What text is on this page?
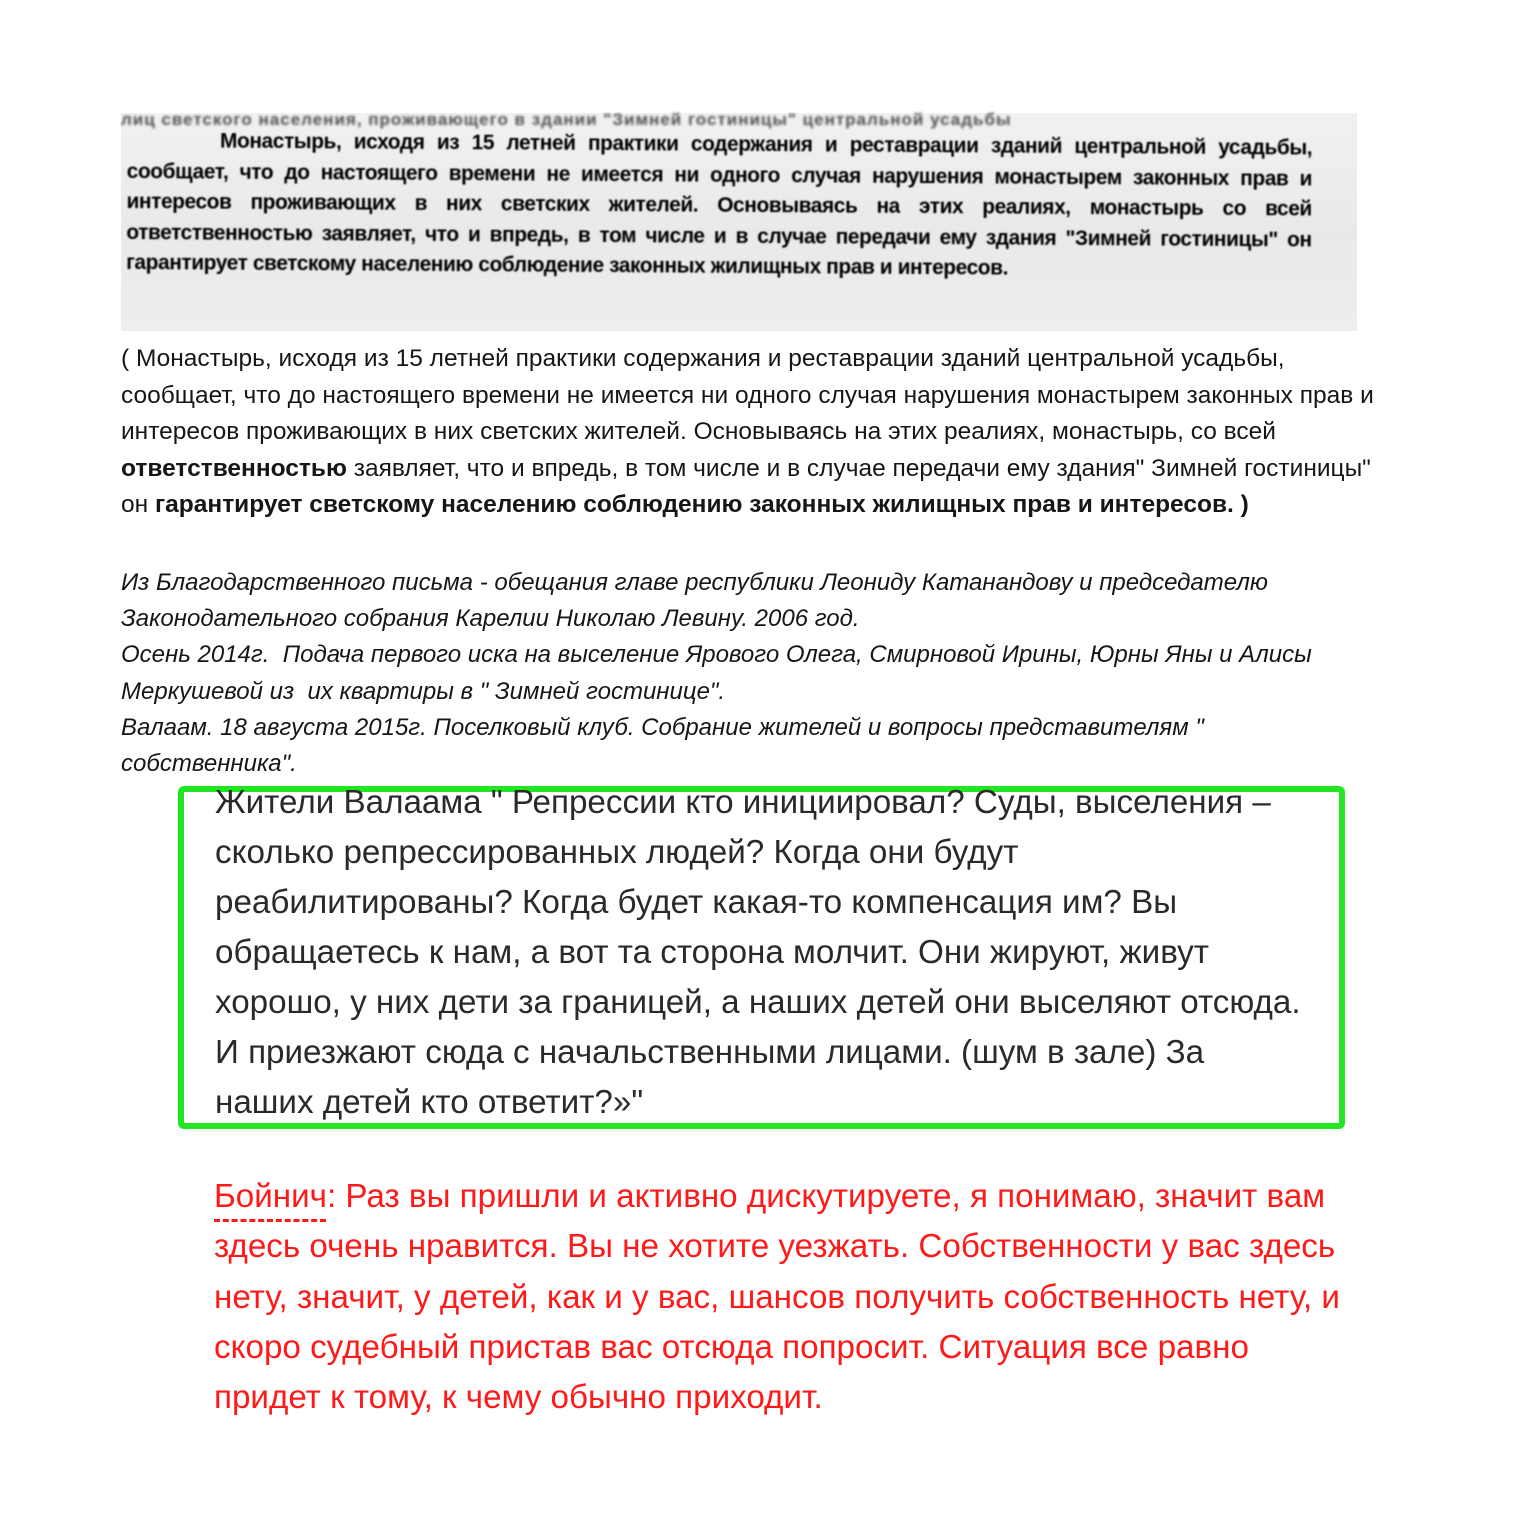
лиц светского населения, проживающего в здании "Зимней гостиницы" центральной усадьбы
Монастырь, исходя из 15 летней практики содержания и реставрации зданий центральной усадьбы, сообщает, что до настоящего времени не имеется ни одного случая нарушения монастырем законных прав и интересов проживающих в них светских жителей. Основываясь на этих реалиях, монастырь со всей ответственностью заявляет, что и впредь, в том числе и в случае передачи ему здания "Зимней гостиницы" он гарантирует светскому населению соблюдение законных жилищных прав и интересов.
( Монастырь, исходя из 15 летней практики содержания и реставрации зданий центральной усадьбы, сообщает, что до настоящего времени не имеется ни одного случая нарушения монастырем законных прав и интересов проживающих в них светских жителей. Основываясь на этих реалиях, монастырь, со всей ответственностью заявляет, что и впредь, в том числе и в случае передачи ему здания" Зимней гостиницы" он гарантирует светскому населению соблюдению законных жилищных прав и интересов. )
Из Благодарственного письма - обещания главе республики Леониду Катанандову и председателю Законодательного собрания Карелии Николаю Левину. 2006 год.
Осень 2014г.  Подача первого иска на выселение Ярового Олега, Смирновой Ирины, Юрны Яны и Алисы Меркушевой из  их квартиры в " Зимней гостинице".
Валаам. 18 августа 2015г. Поселковый клуб. Собрание жителей и вопросы представителям " собственника".
Жители Валаама " Репрессии кто инициировал? Суды, выселения – сколько репрессированных людей? Когда они будут реабилитированы? Когда будет какая-то компенсация им? Вы обращаетесь к нам, а вот та сторона молчит. Они жируют, живут хорошо, у них дети за границей, а наших детей они выселяют отсюда. И приезжают сюда с начальственными лицами. (шум в зале) За наших детей кто ответит?»"
Бойнич: Раз вы пришли и активно дискутируете, я понимаю, значит вам здесь очень нравится. Вы не хотите уезжать. Собственности у вас здесь нету, значит, у детей, как и у вас, шансов получить собственность нету, и скоро судебный пристав вас отсюда попросит. Ситуация все равно придет к тому, к чему обычно приходит.
